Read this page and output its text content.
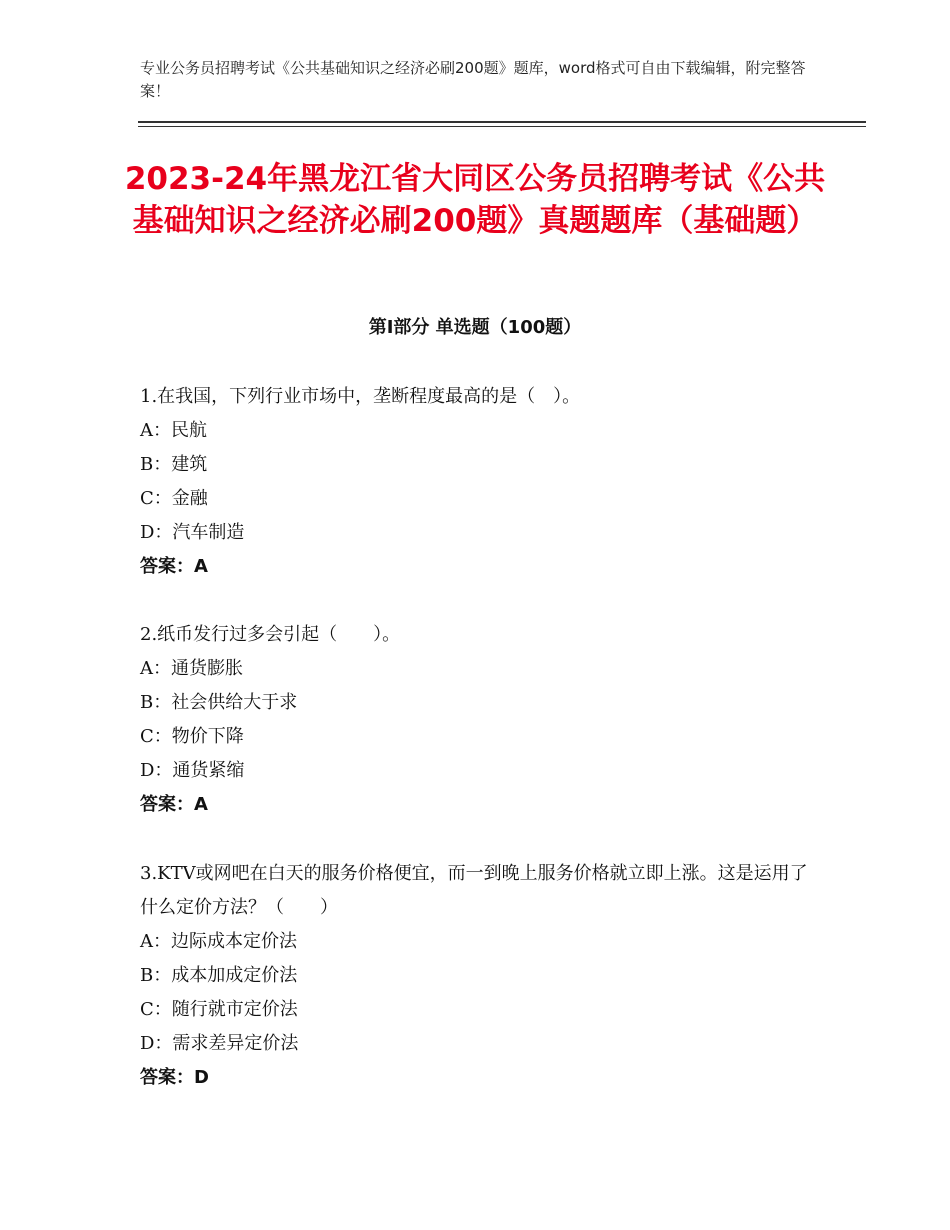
专业公务员招聘考试《公共基础知识之经济必刷200题》题库，word格式可自由下载编辑，附完整答案！
2023-24年黑龙江省大同区公务员招聘考试《公共基础知识之经济必刷200题》真题题库（基础题）
第Ⅰ部分 单选题（100题）

1.在我国，下列行业市场中，垄断程度最高的是（　）。

A：民航

B：建筑

C：金融

D：汽车制造

答案：A

2.纸币发行过多会引起（　　）。

A：通货膨胀

B：社会供给大于求

C：物价下降

D：通货紧缩

答案：A

3.KTV或网吧在白天的服务价格便宜，而一到晚上服务价格就立即上涨。这是运用了什么定价方法？（　　）

A：边际成本定价法

B：成本加成定价法

C：随行就市定价法

D：需求差异定价法

答案：D
